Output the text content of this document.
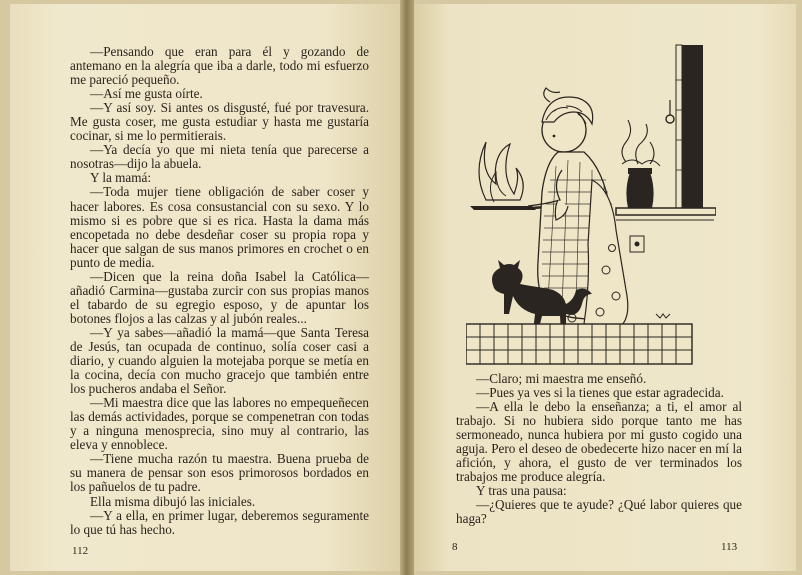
—Pensando que eran para él y gozando de antemano en la alegría que iba a darle, todo mi esfuerzo me pareció pequeño.

—Así me gusta oírte.

—Y así soy. Si antes os disgusté, fué por travesura. Me gusta coser, me gusta estudiar y hasta me gustaría cocinar, si me lo permitierais.

—Ya decía yo que mi nieta tenía que parecerse a nosotras—dijo la abuela.

Y la mamá:

—Toda mujer tiene obligación de saber coser y hacer labores. Es cosa consustancial con su sexo. Y lo mismo si es pobre que si es rica. Hasta la dama más encopetada no debe desdeñar coser su propia ropa y hacer que salgan de sus manos primores en crochet o en punto de media.

—Dicen que la reina doña Isabel la Católica—añadió Carmina—gustaba zurcir con sus propias manos el tabardo de su egregio esposo, y de apuntar los botones flojos a las calzas y al jubón reales...

—Y ya sabes—añadió la mamá—que Santa Teresa de Jesús, tan ocupada de continuo, solía coser casi a diario, y cuando alguien la motejaba porque se metía en la cocina, decía con mucho gracejo que también entre los pucheros andaba el Señor.

—Mi maestra dice que las labores no empequeñecen las demás actividades, porque se compenetran con todas y a ninguna menosprecia, sino muy al contrario, las eleva y ennoblece.

—Tiene mucha razón tu maestra. Buena prueba de su manera de pensar son esos primorosos bordados en los pañuelos de tu padre.

Ella misma dibujó las iniciales.

—Y a ella, en primer lugar, deberemos seguramente lo que tú has hecho.

112

—Claro; mi maestra me enseñó.

—Pues ya ves si la tienes que estar agradecida.

—A ella le debo la enseñanza; a ti, el amor al trabajo. Si no hubiera sido porque tanto me has sermoneado, nunca hubiera por mi gusto cogido una aguja. Pero el deseo de obedecerte hizo nacer en mí la afición, y ahora, el gusto de ver terminados los trabajos me produce alegría.

Y tras una pausa:

—¿Quieres que te ayude? ¿Qué labor quieres que haga?

8	113
